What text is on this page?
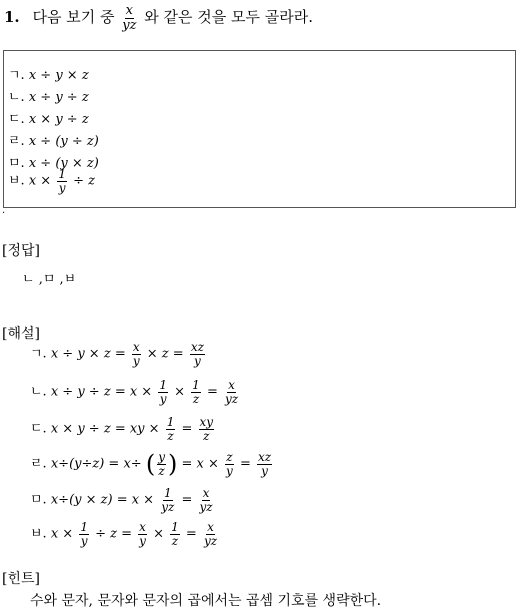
1. 다음 보기 중 $\frac{x}{yz}$ 와 같은 것을 모두 골라라.
ㄱ. x ÷ y × z
ㄴ. x ÷ y ÷ z
ㄷ. x × y ÷ z
ㄹ. x ÷ (y ÷ z)
ㅁ. x ÷ (y × z)
ㅂ. $x \times \frac{1}{y} \div z$
.
[정답]
ㄴ ,ㅁ ,ㅂ
[해설]
ㄱ. $x \div y \times z = \frac{x}{y} \times z = \frac{xz}{y}$
ㄴ. $x \div y \div z = x \times \frac{1}{y} \times \frac{1}{z} = \frac{x}{yz}$
ㄷ. x × y ÷ z = xy × $\frac{1}{z} = \frac{xy}{z}$
ㄹ. x÷(y÷z) = x÷ ( $\frac{y}{z}$ ) = $x \times \frac{z}{y} = \frac{xz}{y}$
ㅁ. $x\div(y \times z) = x \times \frac{1}{yz} = \frac{x}{yz}$
ㅂ. $x \times \frac{1}{y} \div z = \frac{x}{y} \times \frac{1}{z} = \frac{x}{yz}$
[힌트]
수와 문자, 문자와 문자의 곱에서는 곱셈 기호를 생략한다.
